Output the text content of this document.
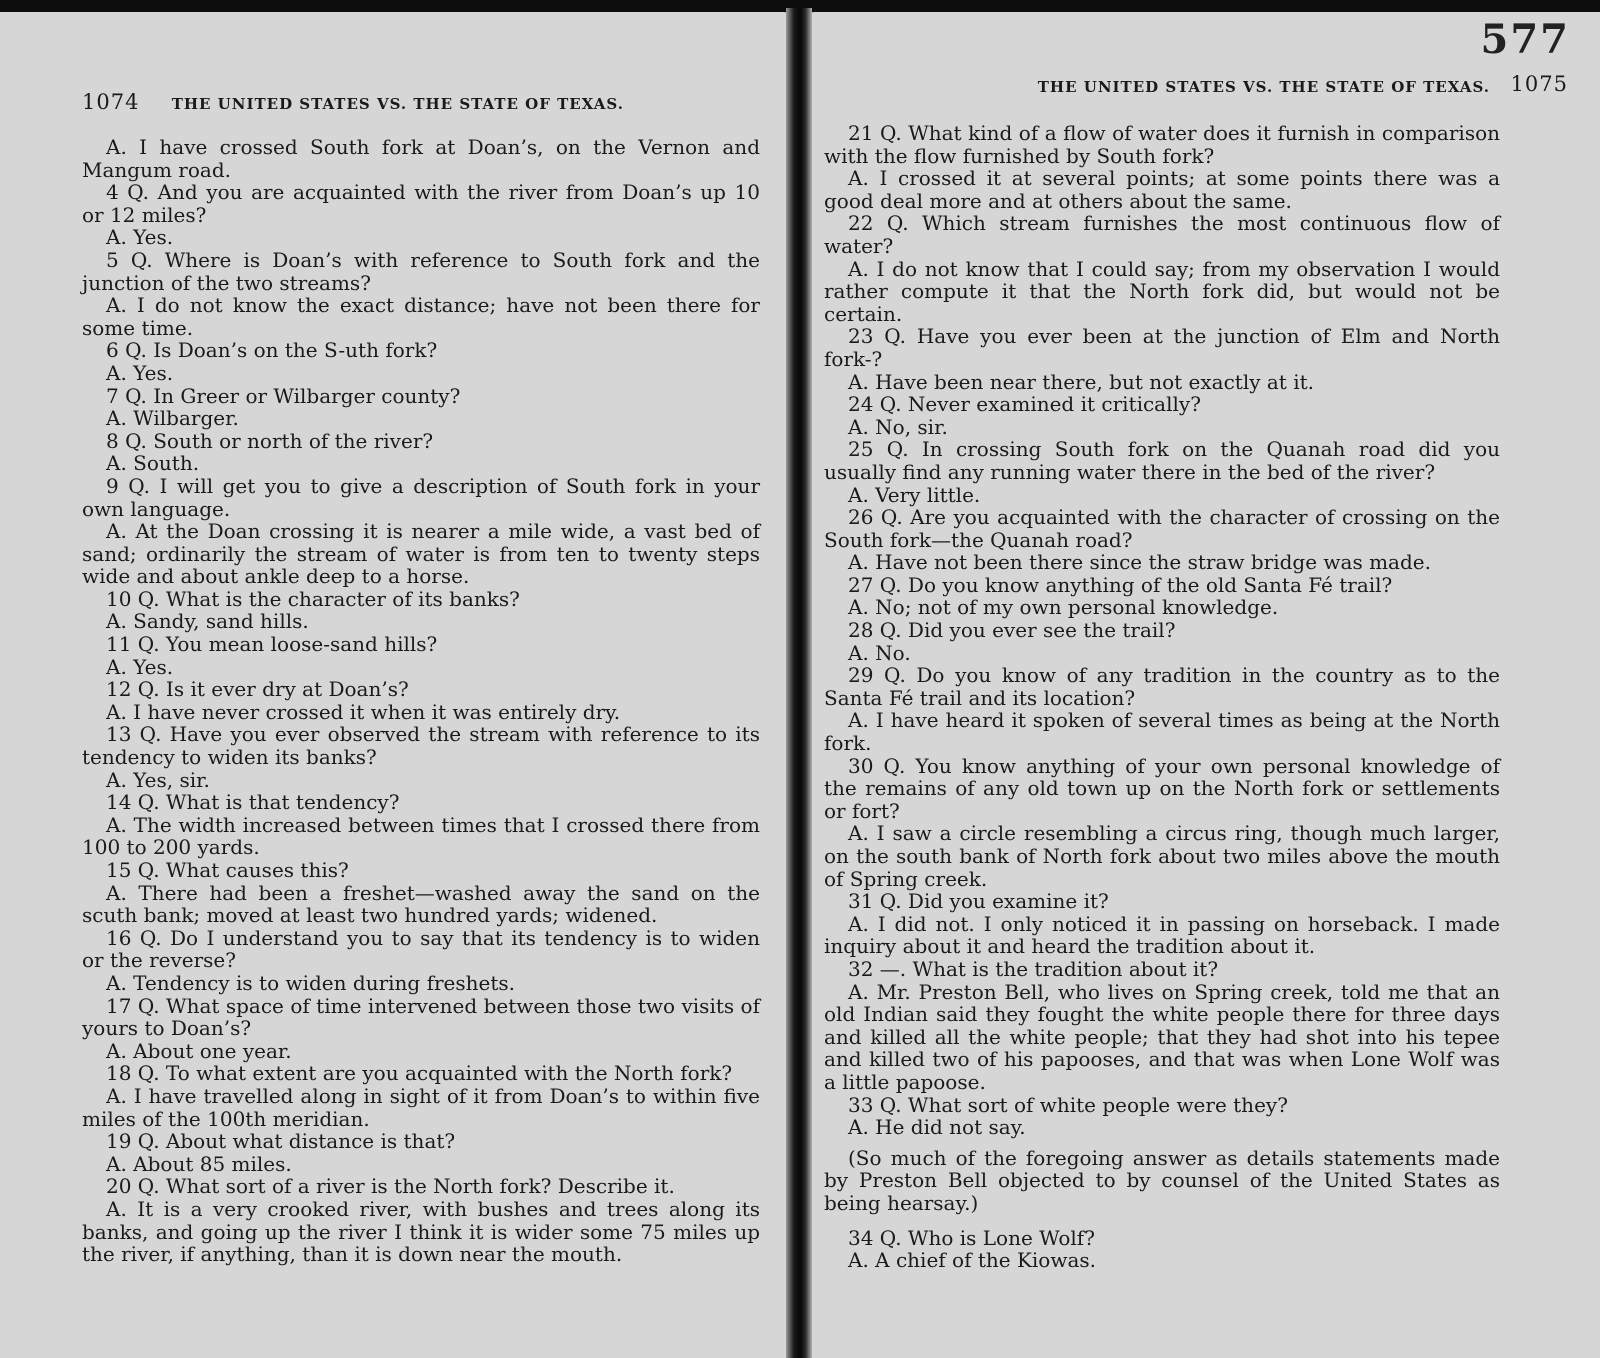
1074 THE UNITED STATES VS. THE STATE OF TEXAS.

A. I have crossed South fork at Doan’s, on the Vernon and Mangum road.

4 Q. And you are acquainted with the river from Doan’s up 10 or 12 miles?

A. Yes.

5 Q. Where is Doan’s with reference to South fork and the junction of the two streams?

A. I do not know the exact distance; have not been there for some time.

6 Q. Is Doan’s on the S-uth fork?

A. Yes.

7 Q. In Greer or Wilbarger county?

A. Wilbarger.

8 Q. South or north of the river?

A. South.

9 Q. I will get you to give a description of South fork in your own language.

A. At the Doan crossing it is nearer a mile wide, a vast bed of sand; ordinarily the stream of water is from ten to twenty steps wide and about ankle deep to a horse.

10 Q. What is the character of its banks?

A. Sandy, sand hills.

11 Q. You mean loose-sand hills?

A. Yes.

12 Q. Is it ever dry at Doan’s?

A. I have never crossed it when it was entirely dry.

13 Q. Have you ever observed the stream with reference to its tendency to widen its banks?

A. Yes, sir.

14 Q. What is that tendency?

A. The width increased between times that I crossed there from 100 to 200 yards.

15 Q. What causes this?

A. There had been a freshet—washed away the sand on the scuth bank; moved at least two hundred yards; widened.

16 Q. Do I understand you to say that its tendency is to widen or the reverse?

A. Tendency is to widen during freshets.

17 Q. What space of time intervened between those two visits of yours to Doan’s?

A. About one year.

18 Q. To what extent are you acquainted with the North fork?

A. I have travelled along in sight of it from Doan’s to within five miles of the 100th meridian.

19 Q. About what distance is that?

A. About 85 miles.

20 Q. What sort of a river is the North fork? Describe it.

A. It is a very crooked river, with bushes and trees along its banks, and going up the river I think it is wider some 75 miles up the river, if anything, than it is down near the mouth.

577
THE UNITED STATES VS. THE STATE OF TEXAS. 1075

21 Q. What kind of a flow of water does it furnish in comparison with the flow furnished by South fork?

A. I crossed it at several points; at some points there was a good deal more and at others about the same.

22 Q. Which stream furnishes the most continuous flow of water?

A. I do not know that I could say; from my observation I would rather compute it that the North fork did, but would not be certain.

23 Q. Have you ever been at the junction of Elm and North fork-?

A. Have been near there, but not exactly at it.

24 Q. Never examined it critically?

A. No, sir.

25 Q. In crossing South fork on the Quanah road did you usually find any running water there in the bed of the river?

A. Very little.

26 Q. Are you acquainted with the character of crossing on the South fork—the Quanah road?

A. Have not been there since the straw bridge was made.

27 Q. Do you know anything of the old Santa Fé trail?

A. No; not of my own personal knowledge.

28 Q. Did you ever see the trail?

A. No.

29 Q. Do you know of any tradition in the country as to the Santa Fé trail and its location?

A. I have heard it spoken of several times as being at the North fork.

30 Q. You know anything of your own personal knowledge of the remains of any old town up on the North fork or settlements or fort?

A. I saw a circle resembling a circus ring, though much larger, on the south bank of North fork about two miles above the mouth of Spring creek.

31 Q. Did you examine it?

A. I did not. I only noticed it in passing on horseback. I made inquiry about it and heard the tradition about it.

32 —. What is the tradition about it?

A. Mr. Preston Bell, who lives on Spring creek, told me that an old Indian said they fought the white people there for three days and killed all the white people; that they had shot into his tepee and killed two of his papooses, and that was when Lone Wolf was a little papoose.

33 Q. What sort of white people were they?

A. He did not say.

(So much of the foregoing answer as details statements made by Preston Bell objected to by counsel of the United States as being hearsay.)

34 Q. Who is Lone Wolf?

A. A chief of the Kiowas.
